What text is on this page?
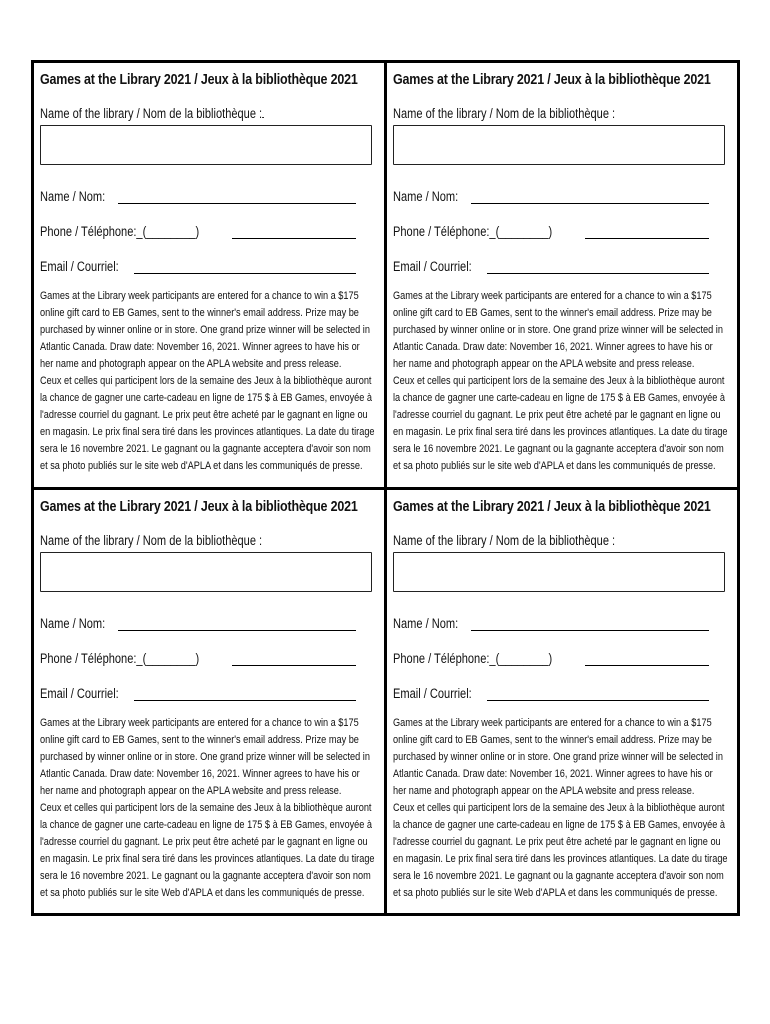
Games at the Library 2021 / Jeux à la bibliothèque 2021
Name of the library / Nom de la bibliothèque :
Name / Nom:
Phone / Téléphone:_(________)
Email / Courriel:

Games at the Library week participants are entered for a chance to win a $175 online gift card to EB Games, sent to the winner's email address. Prize may be purchased by winner online or in store. One grand prize winner will be selected in Atlantic Canada. Draw date: November 16, 2021. Winner agrees to have his or her name and photograph appear on the APLA website and press release.

Ceux et celles qui participent lors de la semaine des Jeux à la bibliothèque auront la chance de gagner une carte-cadeau en ligne de 175 $ à EB Games, envoyée à l'adresse courriel du gagnant. Le prix peut être acheté par le gagnant en ligne ou en magasin. Le prix final sera tiré dans les provinces atlantiques. La date du tirage sera le 16 novembre 2021. Le gagnant ou la gagnante acceptera d'avoir son nom et sa photo publiés sur le site web d'APLA et dans les communiqués de presse.

Games at the Library 2021 / Jeux à la bibliothèque 2021
Name of the library / Nom de la bibliothèque :
Name / Nom:
Phone / Téléphone:_(________)
Email / Courriel:

Games at the Library week participants are entered for a chance to win a $175 online gift card to EB Games, sent to the winner's email address. Prize may be purchased by winner online or in store. One grand prize winner will be selected in Atlantic Canada. Draw date: November 16, 2021. Winner agrees to have his or her name and photograph appear on the APLA website and press release.

Ceux et celles qui participent lors de la semaine des Jeux à la bibliothèque auront la chance de gagner une carte-cadeau en ligne de 175 $ à EB Games, envoyée à l'adresse courriel du gagnant. Le prix peut être acheté par le gagnant en ligne ou en magasin. Le prix final sera tiré dans les provinces atlantiques. La date du tirage sera le 16 novembre 2021. Le gagnant ou la gagnante acceptera d'avoir son nom et sa photo publiés sur le site web d'APLA et dans les communiqués de presse.

Games at the Library 2021 / Jeux à la bibliothèque 2021
Name of the library / Nom de la bibliothèque :
Name / Nom:
Phone / Téléphone:_(________)
Email / Courriel:

Games at the Library week participants are entered for a chance to win a $175 online gift card to EB Games, sent to the winner's email address. Prize may be purchased by winner online or in store. One grand prize winner will be selected in Atlantic Canada. Draw date: November 16, 2021. Winner agrees to have his or her name and photograph appear on the APLA website and press release.

Ceux et celles qui participent lors de la semaine des Jeux à la bibliothèque auront la chance de gagner une carte-cadeau en ligne de 175 $ à EB Games, envoyée à l'adresse courriel du gagnant. Le prix peut être acheté par le gagnant en ligne ou en magasin. Le prix final sera tiré dans les provinces atlantiques. La date du tirage sera le 16 novembre 2021. Le gagnant ou la gagnante acceptera d'avoir son nom et sa photo publiés sur le site Web d'APLA et dans les communiqués de presse.

Games at the Library 2021 / Jeux à la bibliothèque 2021
Name of the library / Nom de la bibliothèque :
Name / Nom:
Phone / Téléphone:_(________)
Email / Courriel:

Games at the Library week participants are entered for a chance to win a $175 online gift card to EB Games, sent to the winner's email address. Prize may be purchased by winner online or in store. One grand prize winner will be selected in Atlantic Canada. Draw date: November 16, 2021. Winner agrees to have his or her name and photograph appear on the APLA website and press release.

Ceux et celles qui participent lors de la semaine des Jeux à la bibliothèque auront la chance de gagner une carte-cadeau en ligne de 175 $ à EB Games, envoyée à l'adresse courriel du gagnant. Le prix peut être acheté par le gagnant en ligne ou en magasin. Le prix final sera tiré dans les provinces atlantiques. La date du tirage sera le 16 novembre 2021. Le gagnant ou la gagnante acceptera d'avoir son nom et sa photo publiés sur le site Web d'APLA et dans les communiqués de presse.
